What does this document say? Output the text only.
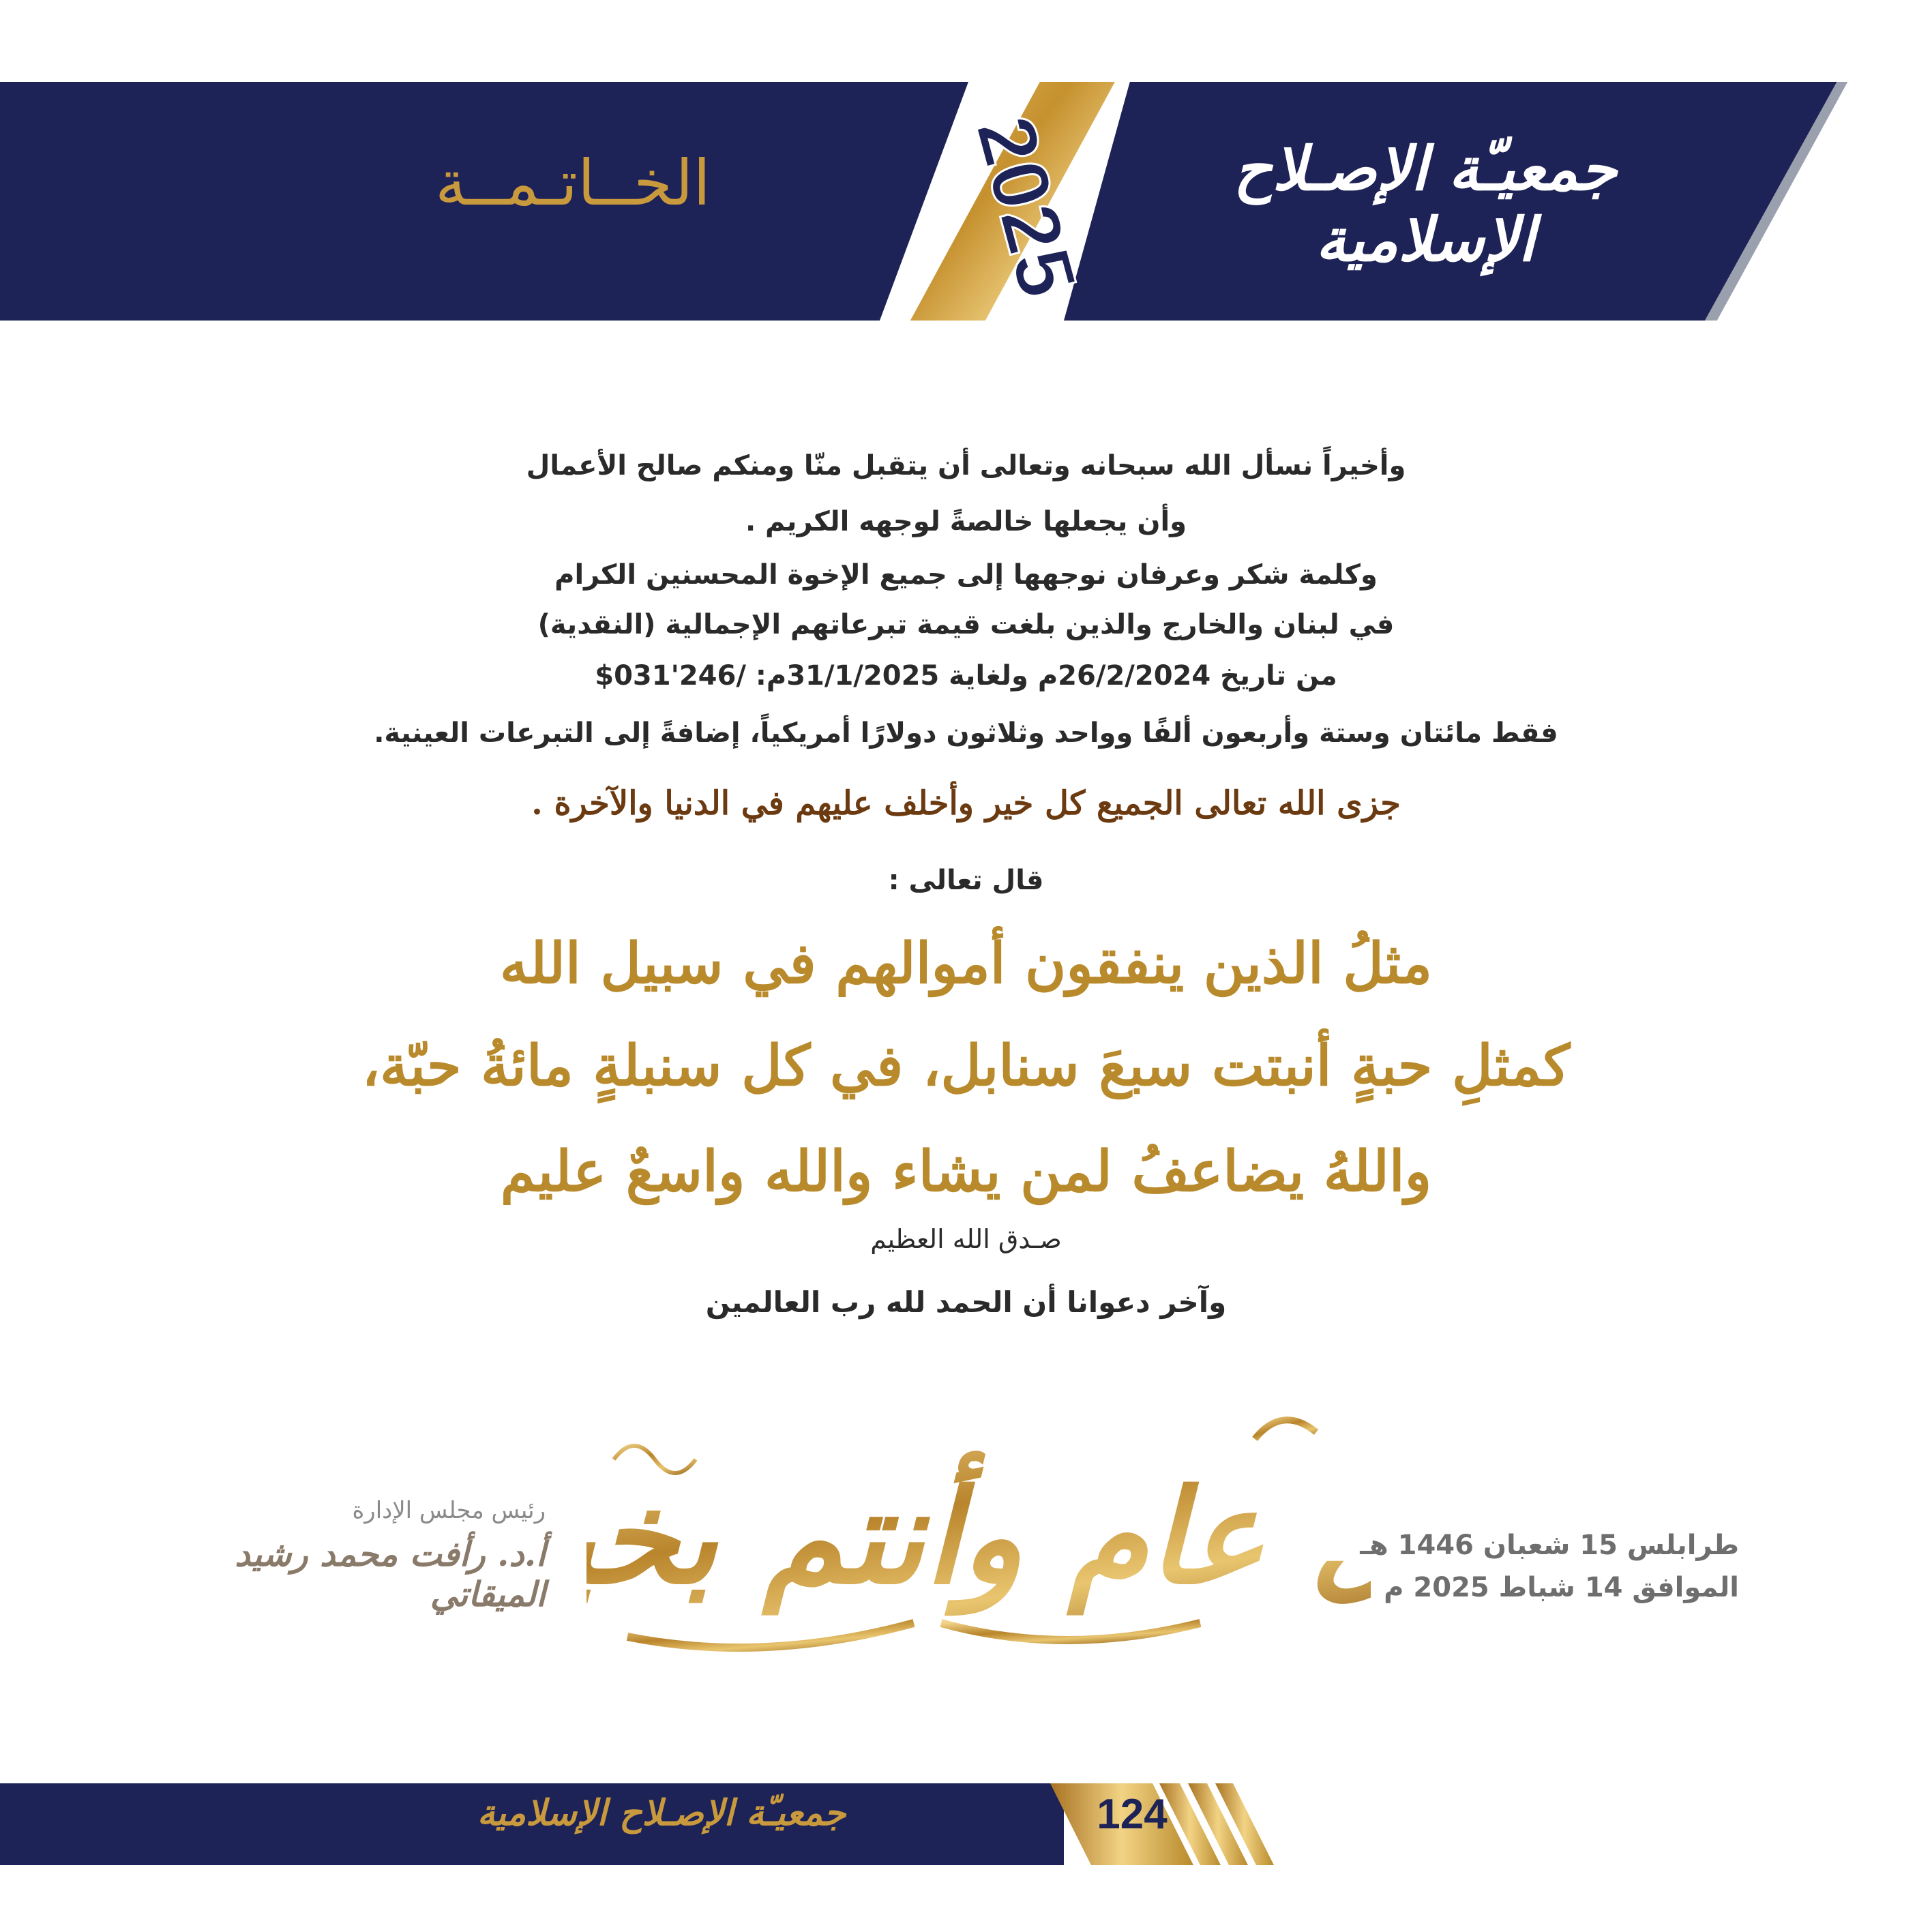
الخــاتـمــة	جمعيـّة الإصـلاح الإسلامية
2025
وأخيراً نسأل الله سبحانه وتعالى أن يتقبل منّا ومنكم صالح الأعمال
وأن يجعلها خالصةً لوجهه الكريم .
وكلمة شكر وعرفان نوجهها إلى جميع الإخوة المحسنين الكرام
في لبنان والخارج والذين بلغت قيمة تبرعاتهم الإجمالية (النقدية)
من تاريخ 26/2/2024م ولغاية 31/1/2025م: /246'031$
فقط مائتان وستة وأربعون ألفًا وواحد وثلاثون دولارًا أمريكياً، إضافةً إلى التبرعات العينية.
جزى الله تعالى الجميع كل خير وأخلف عليهم في الدنيا والآخرة .
قال تعالى :
مثلُ الذين ينفقون أموالهم في سبيل الله
كمثلِ حبةٍ أنبتت سبعَ سنابل، في كل سنبلةٍ مائةُ حبّة،
واللهُ يضاعفُ لمن يشاء والله واسعٌ عليم
صـدق الله العظيم
وآخر دعوانا أن الحمد لله رب العالمين
عام وأنتم بخ	طرابلس 15 شعبان 1446 هـ
الموافق 14 شباط 2025 م
رئيس مجلس الإدارة
أ.د. رأفت محمد رشيد الميقاتي
جمعيـّة الإصـلاح الإسلامية	124
